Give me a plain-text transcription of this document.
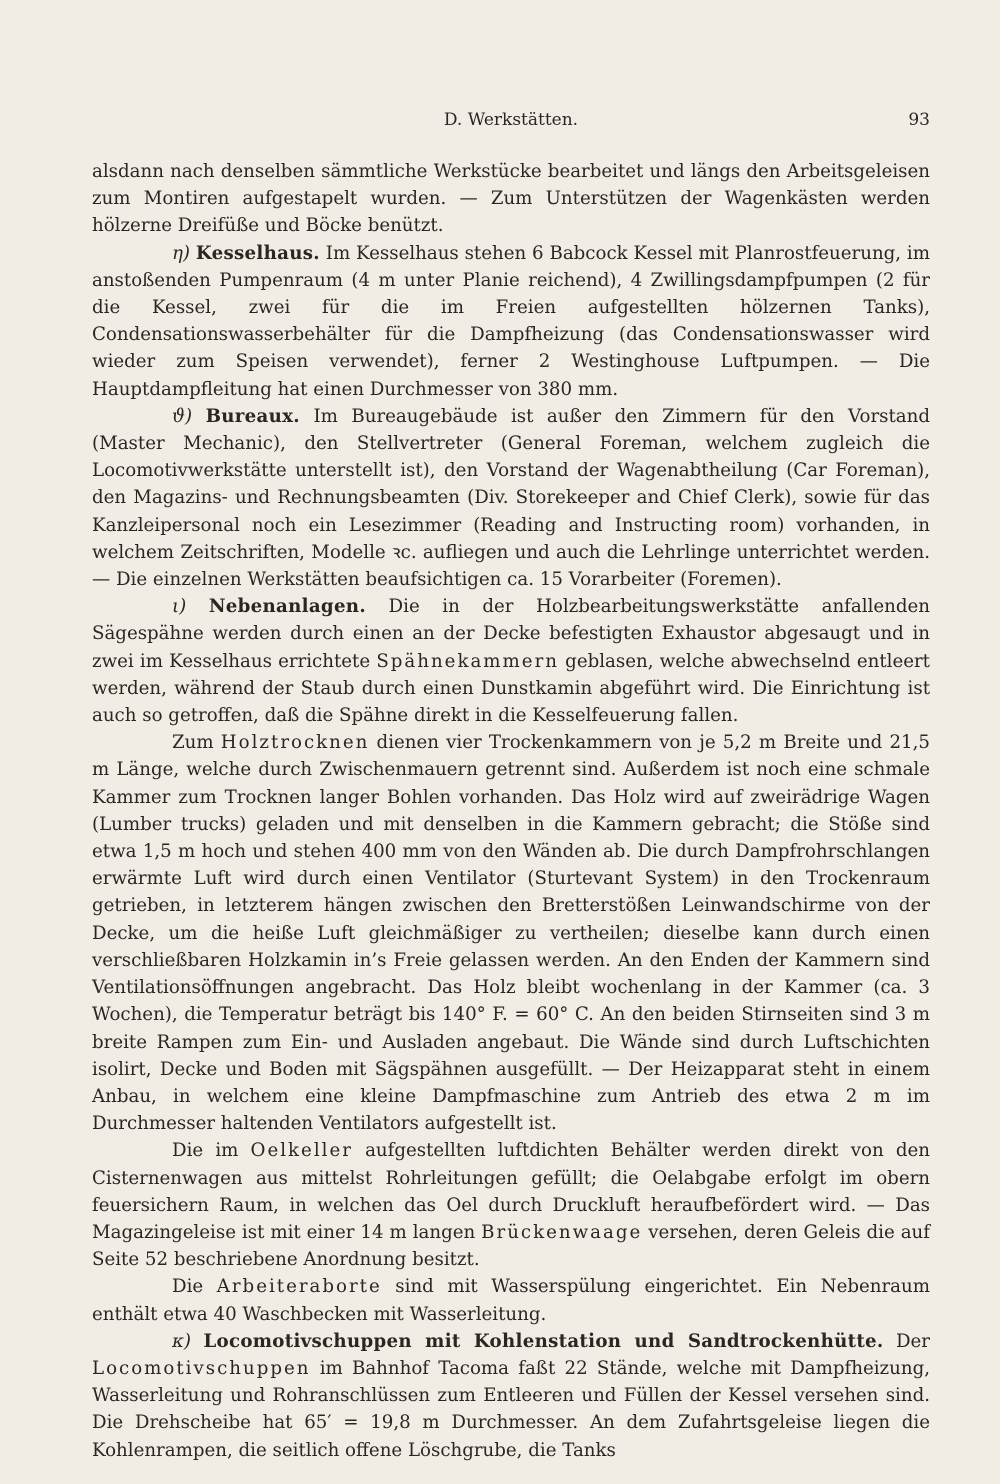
D. Werkstätten.	93

alsdann nach denselben sämmtliche Werkstücke bearbeitet und längs den Arbeitsgeleisen zum Montiren aufgestapelt wurden. — Zum Unterstützen der Wagenkästen werden hölzerne Dreifüße und Böcke benützt.

η) Kesselhaus. Im Kesselhaus stehen 6 Babcock Kessel mit Planrostfeuerung, im anstoßenden Pumpenraum (4 m unter Planie reichend), 4 Zwillingsdampfpumpen (2 für die Kessel, zwei für die im Freien aufgestellten hölzernen Tanks), Condensationswasserbehälter für die Dampfheizung (das Condensationswasser wird wieder zum Speisen verwendet), ferner 2 Westinghouse Luftpumpen. — Die Hauptdampfleitung hat einen Durchmesser von 380 mm.

ϑ) Bureaux. Im Bureaugebäude ist außer den Zimmern für den Vorstand (Master Mechanic), den Stellvertreter (General Foreman, welchem zugleich die Locomotivwerkstätte unterstellt ist), den Vorstand der Wagenabtheilung (Car Foreman), den Magazins- und Rechnungsbeamten (Div. Storekeeper and Chief Clerk), sowie für das Kanzleipersonal noch ein Lesezimmer (Reading and Instructing room) vorhanden, in welchem Zeitschriften, Modelle ꝛc. aufliegen und auch die Lehrlinge unterrichtet werden. — Die einzelnen Werkstätten beaufsichtigen ca. 15 Vorarbeiter (Foremen).

ι) Nebenanlagen. Die in der Holzbearbeitungswerkstätte anfallenden Sägespähne werden durch einen an der Decke befestigten Exhaustor abgesaugt und in zwei im Kesselhaus errichtete Spähnekammern geblasen, welche abwechselnd entleert werden, während der Staub durch einen Dunstkamin abgeführt wird. Die Einrichtung ist auch so getroffen, daß die Spähne direkt in die Kesselfeuerung fallen.

Zum Holztrocknen dienen vier Trockenkammern von je 5,2 m Breite und 21,5 m Länge, welche durch Zwischenmauern getrennt sind. Außerdem ist noch eine schmale Kammer zum Trocknen langer Bohlen vorhanden. Das Holz wird auf zweirädrige Wagen (Lumber trucks) geladen und mit denselben in die Kammern gebracht; die Stöße sind etwa 1,5 m hoch und stehen 400 mm von den Wänden ab. Die durch Dampfrohrschlangen erwärmte Luft wird durch einen Ventilator (Sturtevant System) in den Trockenraum getrieben, in letzterem hängen zwischen den Bretterstößen Leinwandschirme von der Decke, um die heiße Luft gleichmäßiger zu vertheilen; dieselbe kann durch einen verschließbaren Holzkamin in’s Freie gelassen werden. An den Enden der Kammern sind Ventilationsöffnungen angebracht. Das Holz bleibt wochenlang in der Kammer (ca. 3 Wochen), die Temperatur beträgt bis 140° F. = 60° C. An den beiden Stirnseiten sind 3 m breite Rampen zum Ein- und Ausladen angebaut. Die Wände sind durch Luftschichten isolirt, Decke und Boden mit Sägspähnen ausgefüllt. — Der Heizapparat steht in einem Anbau, in welchem eine kleine Dampfmaschine zum Antrieb des etwa 2 m im Durchmesser haltenden Ventilators aufgestellt ist.

Die im Oelkeller aufgestellten luftdichten Behälter werden direkt von den Cisternenwagen aus mittelst Rohrleitungen gefüllt; die Oelabgabe erfolgt im obern feuersichern Raum, in welchen das Oel durch Druckluft heraufbefördert wird. — Das Magazingeleise ist mit einer 14 m langen Brückenwaage versehen, deren Geleis die auf Seite 52 beschriebene Anordnung besitzt.

Die Arbeiteraborte sind mit Wasserspülung eingerichtet. Ein Nebenraum enthält etwa 40 Waschbecken mit Wasserleitung.

κ) Locomotivschuppen mit Kohlenstation und Sandtrockenhütte. Der Locomotivschuppen im Bahnhof Tacoma faßt 22 Stände, welche mit Dampfheizung, Wasserleitung und Rohranschlüssen zum Entleeren und Füllen der Kessel versehen sind. Die Drehscheibe hat 65′ = 19,8 m Durchmesser. An dem Zufahrtsgeleise liegen die Kohlenrampen, die seitlich offene Löschgrube, die Tanks
